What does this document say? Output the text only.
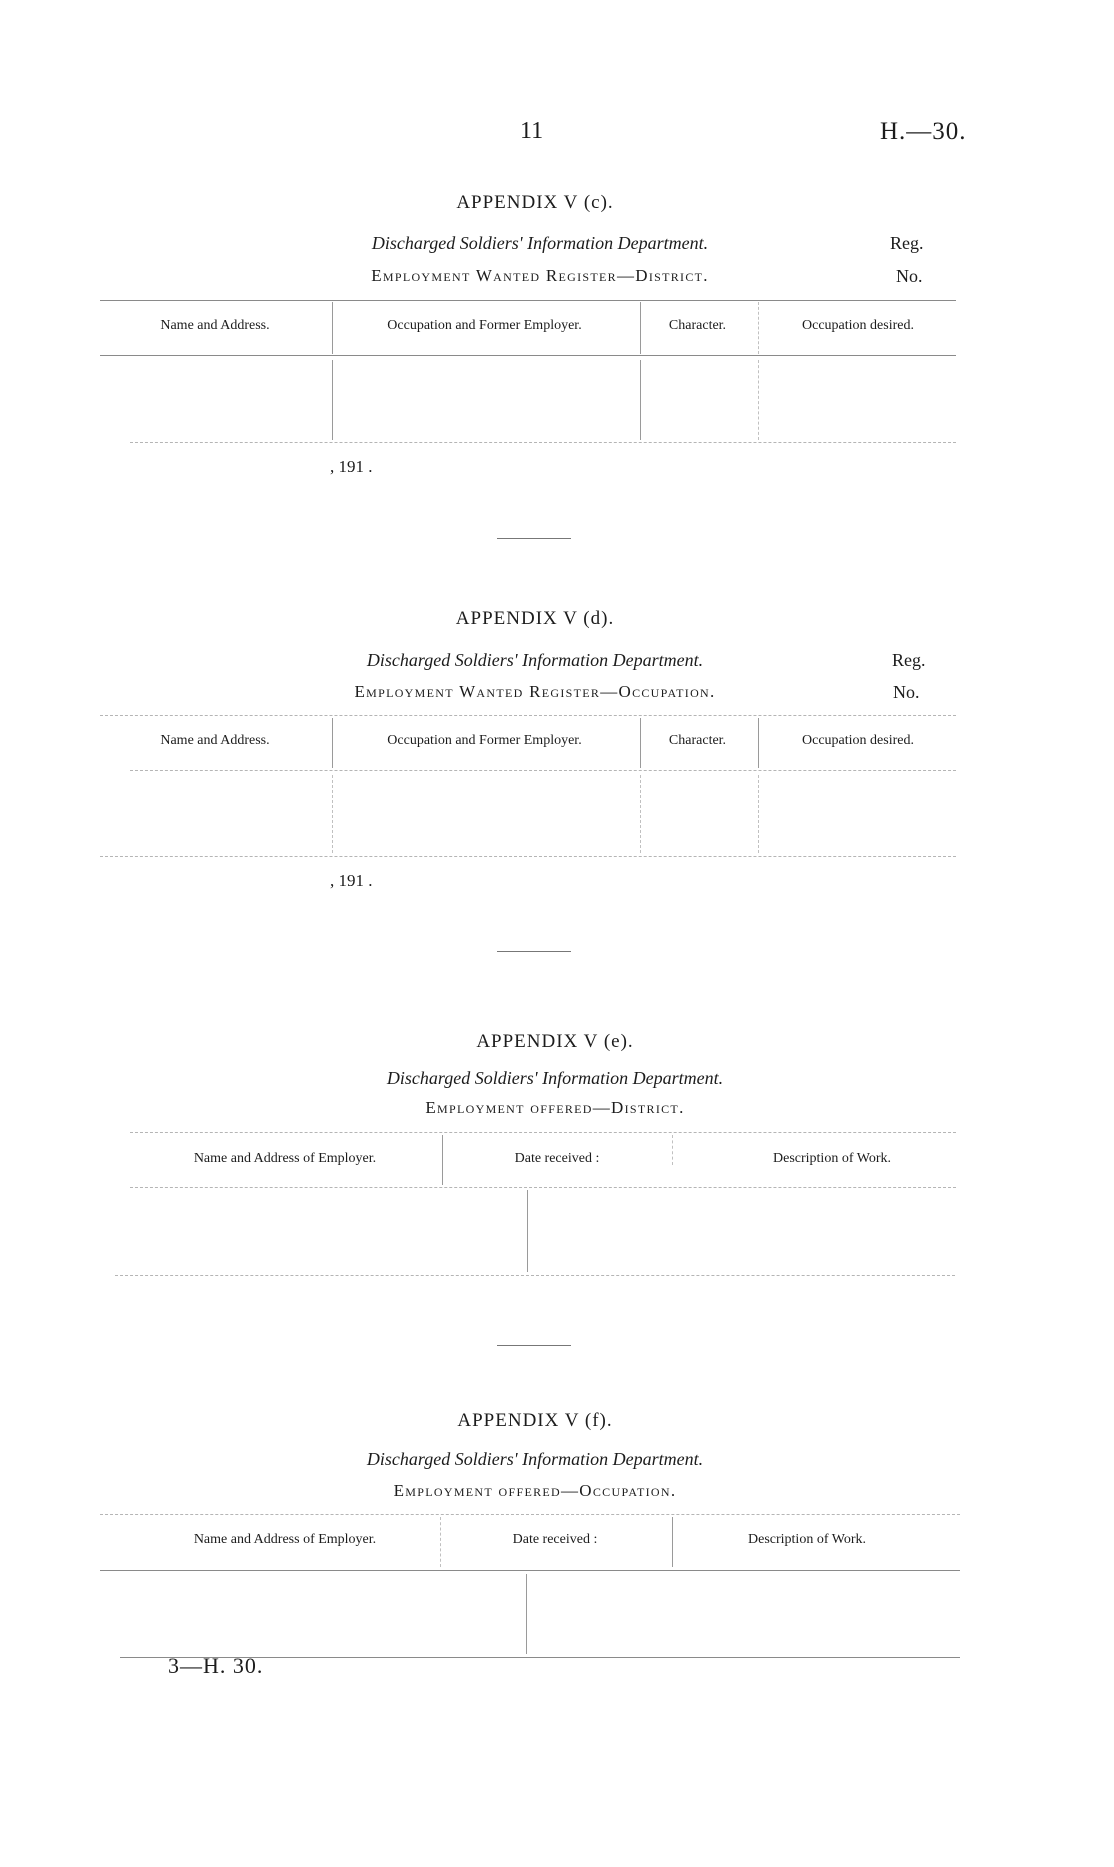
11	H.—30.
APPENDIX V (c).
Discharged Soldiers' Information Department.
Employment Wanted Register—District.
Reg.
No.
Name and Address.	Occupation and Former Employer.	Character.	Occupation desired.
, 191 .
APPENDIX V (d).
Discharged Soldiers' Information Department.
Employment Wanted Register—Occupation.
Reg.
No.
Name and Address.	Occupation and Former Employer.	Character.	Occupation desired.
, 191 .
APPENDIX V (e).
Discharged Soldiers' Information Department.
Employment offered—District.
Name and Address of Employer.	Date received :	Description of Work.
APPENDIX V (f).
Discharged Soldiers' Information Department.
Employment offered—Occupation.
Name and Address of Employer.	Date received :	Description of Work.
3—H. 30.
